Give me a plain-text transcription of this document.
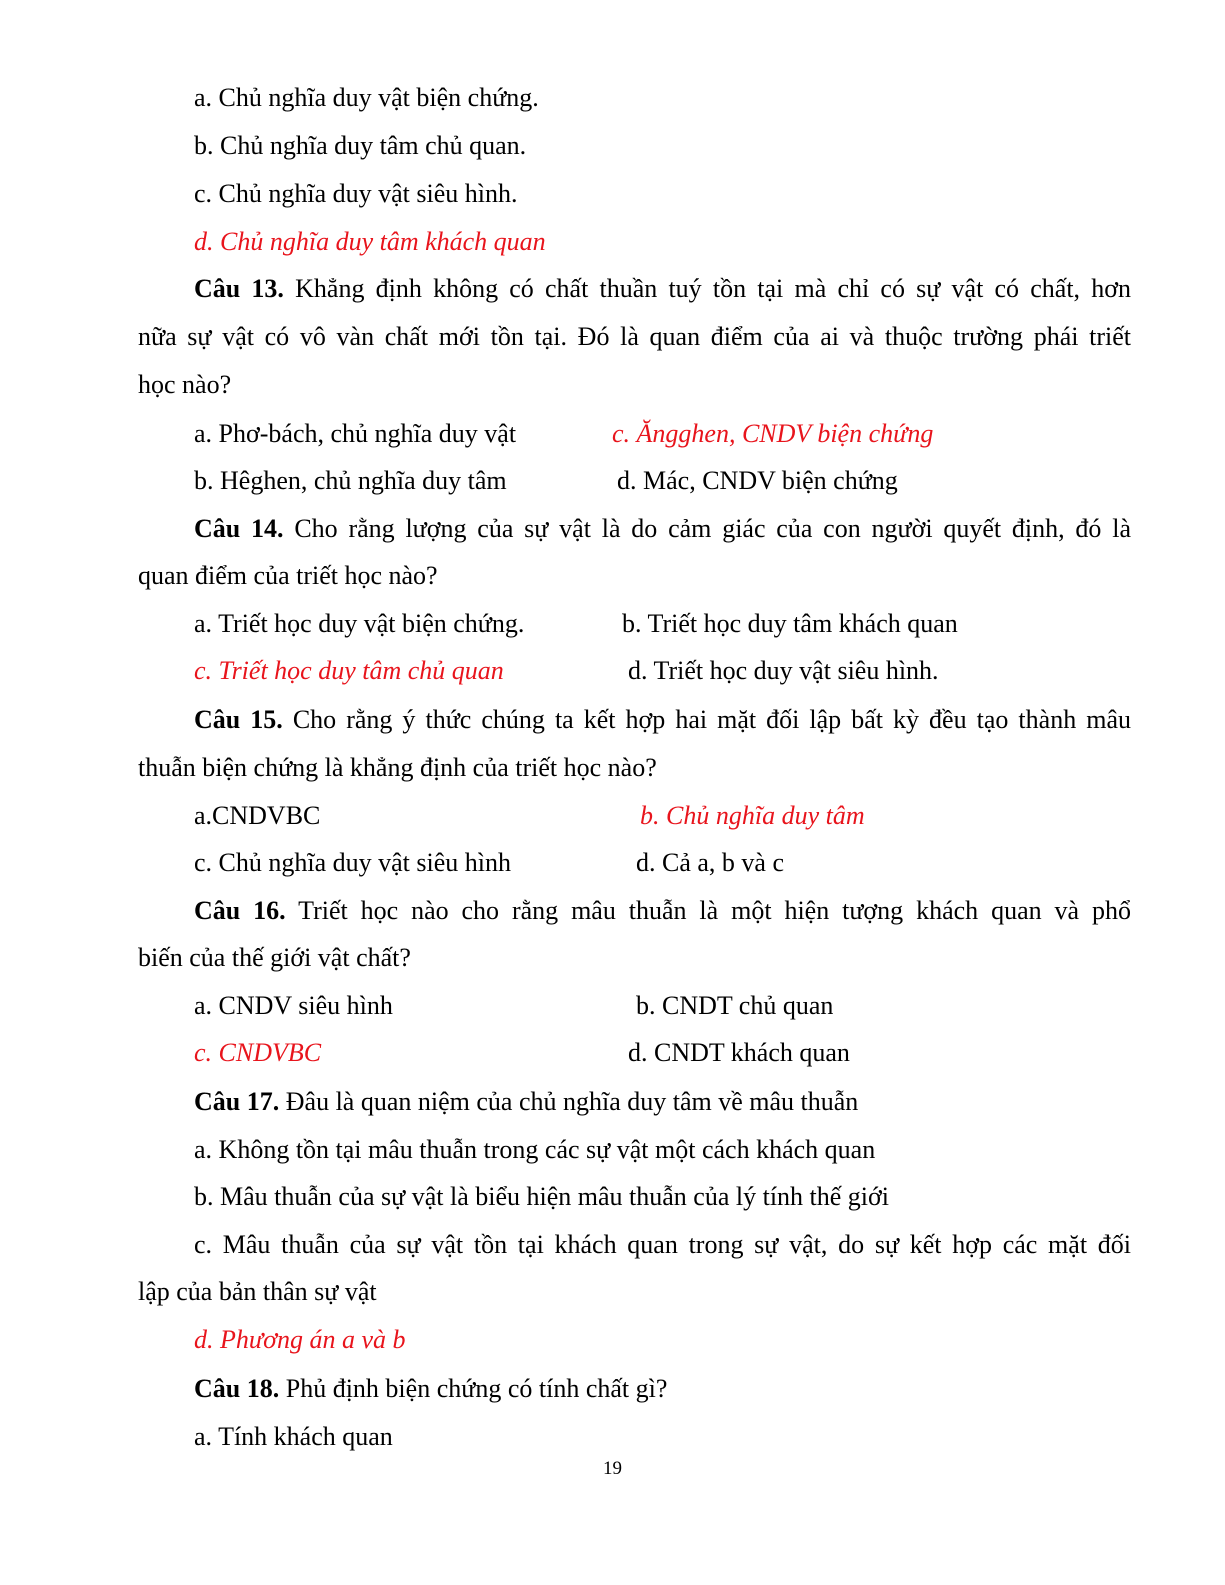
a. Chủ nghĩa duy vật biện chứng.
b. Chủ nghĩa duy tâm chủ quan.
c. Chủ nghĩa duy vật siêu hình.
d. Chủ nghĩa duy tâm khách quan
Câu 13. Khẳng định không có chất thuần tuý tồn tại mà chỉ có sự vật có chất, hơn
nữa sự vật có vô vàn chất mới tồn tại. Đó là quan điểm của ai và thuộc trường phái triết
học nào?
a. Phơ-bách, chủ nghĩa duy vật	c. Ăngghen, CNDV biện chứng
b. Hêghen, chủ nghĩa duy tâm	d. Mác, CNDV biện chứng
Câu 14. Cho rằng lượng của sự vật là do cảm giác của con người quyết định, đó là
quan điểm của triết học nào?
a. Triết học duy vật biện chứng.	b. Triết học duy tâm khách quan
c. Triết học duy tâm chủ quan	d. Triết học duy vật siêu hình.
Câu 15. Cho rằng ý thức chúng ta kết hợp hai mặt đối lập bất kỳ đều tạo thành mâu
thuẫn biện chứng là khẳng định của triết học nào?
a.CNDVBC	b. Chủ nghĩa duy tâm
c. Chủ nghĩa duy vật siêu hình	d. Cả a, b và c
Câu 16. Triết học nào cho rằng mâu thuẫn là một hiện tượng khách quan và phổ
biến của thế giới vật chất?
a. CNDV siêu hình	b. CNDT chủ quan
c. CNDVBC	d. CNDT khách quan
Câu 17. Đâu là quan niệm của chủ nghĩa duy tâm về mâu thuẫn
a. Không tồn tại mâu thuẫn trong các sự vật một cách khách quan
b. Mâu thuẫn của sự vật là biểu hiện mâu thuẫn của lý tính thế giới
c. Mâu thuẫn của sự vật tồn tại khách quan trong sự vật, do sự kết hợp các mặt đối
lập của bản thân sự vật
d. Phương án a và b
Câu 18. Phủ định biện chứng có tính chất gì?
a. Tính khách quan
19
